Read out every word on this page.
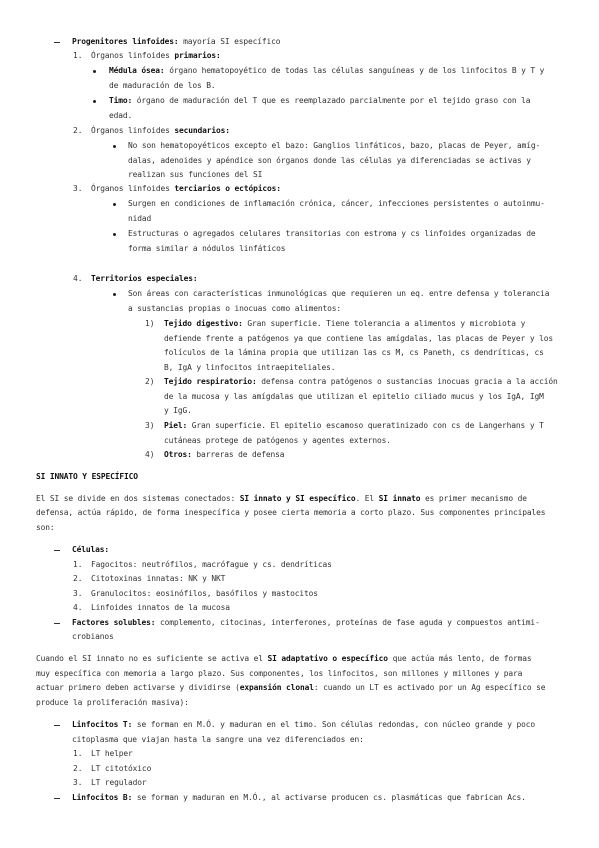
Progenitores linfoides: mayoría SI específico
1. Órganos linfoides primarios:
Médula ósea: órgano hematopoyético de todas las células sanguíneas y de los linfocitos B y T y
de maduración de los B.
Timo: órgano de maduración del T que es reemplazado parcialmente por el tejido graso con la
edad.
2. Órganos linfoides secundarios:
No son hematopoyéticos excepto el bazo: Ganglios linfáticos, bazo, placas de Peyer, amíg-
dalas, adenoides y apéndice son órganos donde las células ya diferenciadas se activas y
realizan sus funciones del SI
3. Órganos linfoides terciarios o ectópicos:
Surgen en condiciones de inflamación crónica, cáncer, infecciones persistentes o autoinmu-
nidad
Estructuras o agregados celulares transitorias con estroma y cs linfoides organizadas de
forma similar a nódulos linfáticos
4. Territorios especiales:
Son áreas con características inmunológicas que requieren un eq. entre defensa y tolerancia
a sustancias propias o inocuas como alimentos:
1) Tejido digestivo: Gran superficie. Tiene tolerancia a alimentos y microbiota y
defiende frente a patógenos ya que contiene las amígdalas, las placas de Peyer y los
folículos de la lámina propia que utilizan las cs M, cs Paneth, cs dendríticas, cs
B, IgA y linfocitos intraepiteliales.
2) Tejido respiratorio: defensa contra patógenos o sustancias inocuas gracia a la acción
de la mucosa y las amígdalas que utilizan el epitelio ciliado mucus y los IgA, IgM
y IgG.
3) Piel: Gran superficie. El epitelio escamoso queratinizado con cs de Langerhans y T
cutáneas protege de patógenos y agentes externos.
4) Otros: barreras de defensa
SI INNATO Y ESPECÍFICO
El SI se divide en dos sistemas conectados: SI innato y SI específico. El SI innato es primer mecanismo de
defensa, actúa rápido, de forma inespecífica y posee cierta memoria a corto plazo. Sus componentes principales
son:
Células:
1. Fagocitos: neutrófilos, macrófague y cs. dendríticas
2. Citotoxinas innatas: NK y NKT
3. Granulocitos: eosinófilos, basófilos y mastocitos
4. Linfoides innatos de la mucosa
Factores solubles: complemento, citocinas, interferones, proteínas de fase aguda y compuestos antimi-
crobianos
Cuando el SI innato no es suficiente se activa el SI adaptativo o específico que actúa más lento, de formas
muy específica con memoria a largo plazo. Sus componentes, los linfocitos, son millones y millones y para
actuar primero deben activarse y dividirse (expansión clonal: cuando un LT es activado por un Ag específico se
produce la proliferación masiva):
Linfocitos T: se forman en M.Ó. y maduran en el timo. Son células redondas, con núcleo grande y poco
citoplasma que viajan hasta la sangre una vez diferenciados en:
1. LT helper
2. LT citotóxico
3. LT regulador
Linfocitos B: se forman y maduran en M.Ó., al activarse producen cs. plasmáticas que fabrican Acs.
